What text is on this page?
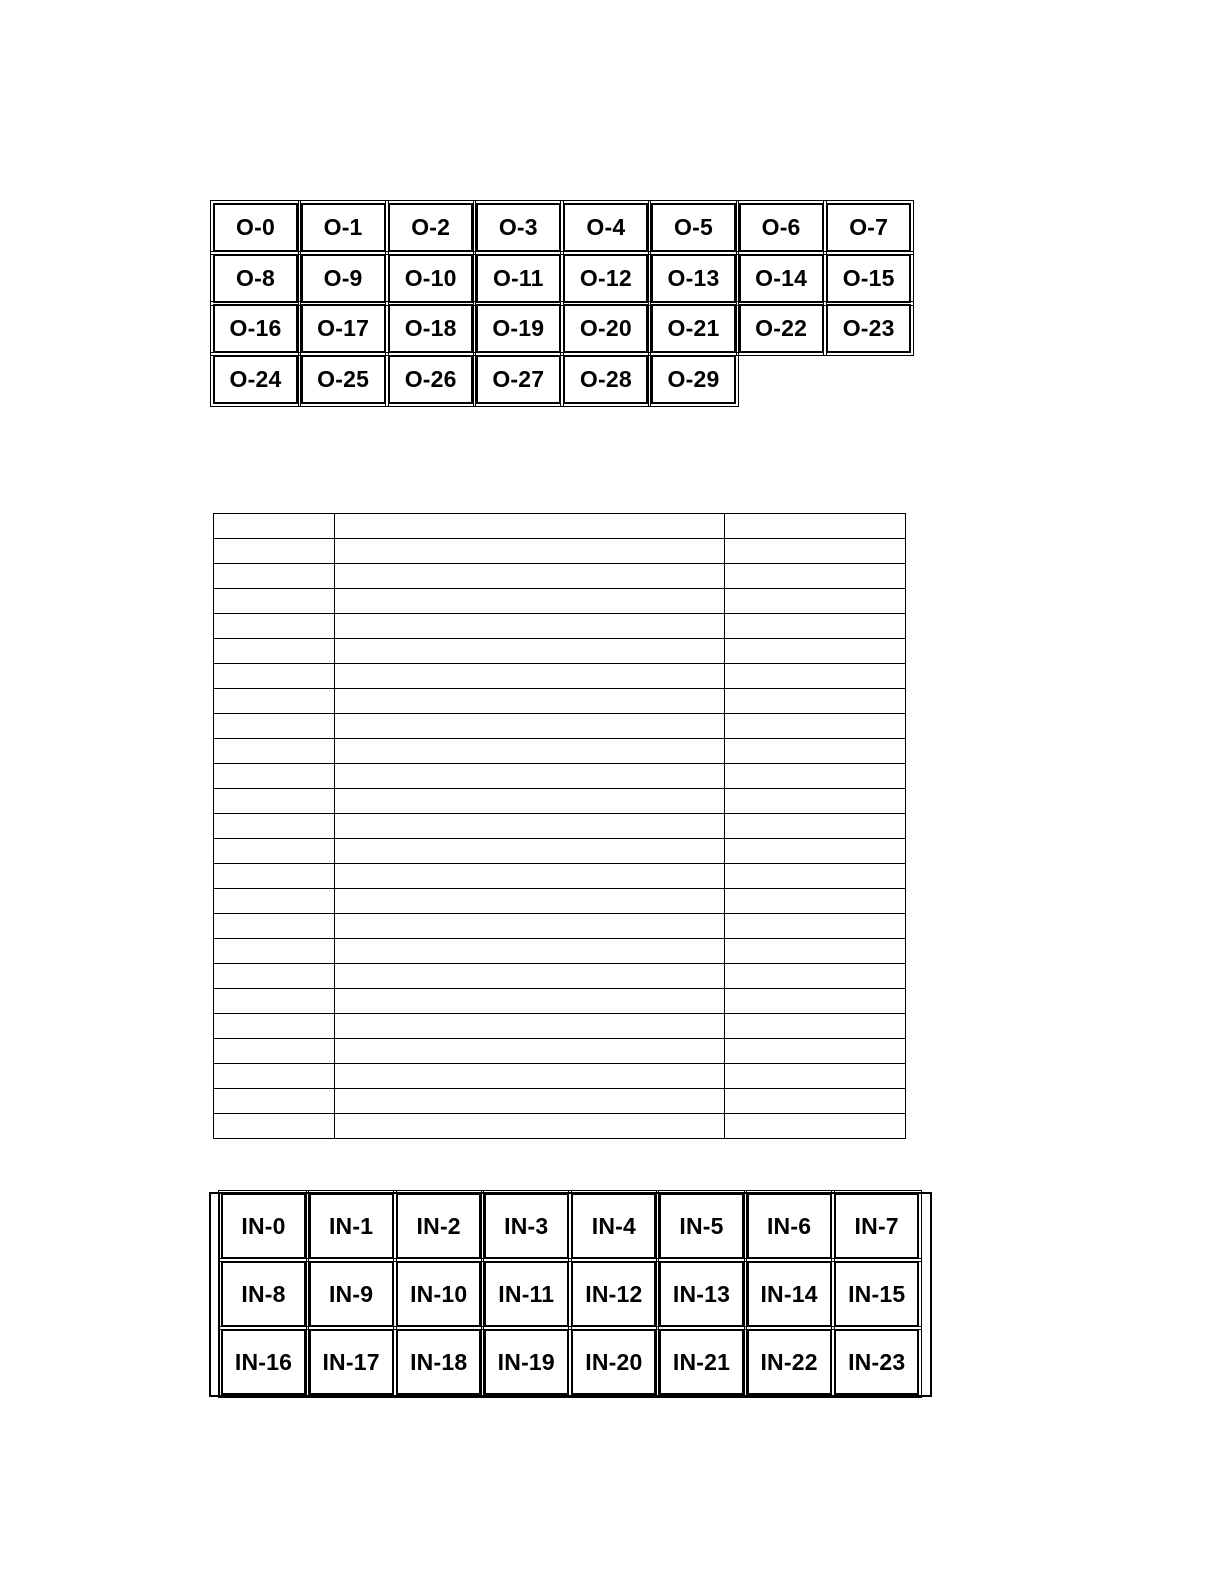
O-0	O-1	O-2	O-3	O-4	O-5	O-6	O-7
O-8	O-9	O-10	O-11	O-12	O-13	O-14	O-15
O-16	O-17	O-18	O-19	O-20	O-21	O-22	O-23
O-24	O-25	O-26	O-27	O-28	O-29

IN-0	IN-1	IN-2	IN-3	IN-4	IN-5	IN-6	IN-7
IN-8	IN-9	IN-10	IN-11	IN-12	IN-13	IN-14	IN-15
IN-16	IN-17	IN-18	IN-19	IN-20	IN-21	IN-22	IN-23
